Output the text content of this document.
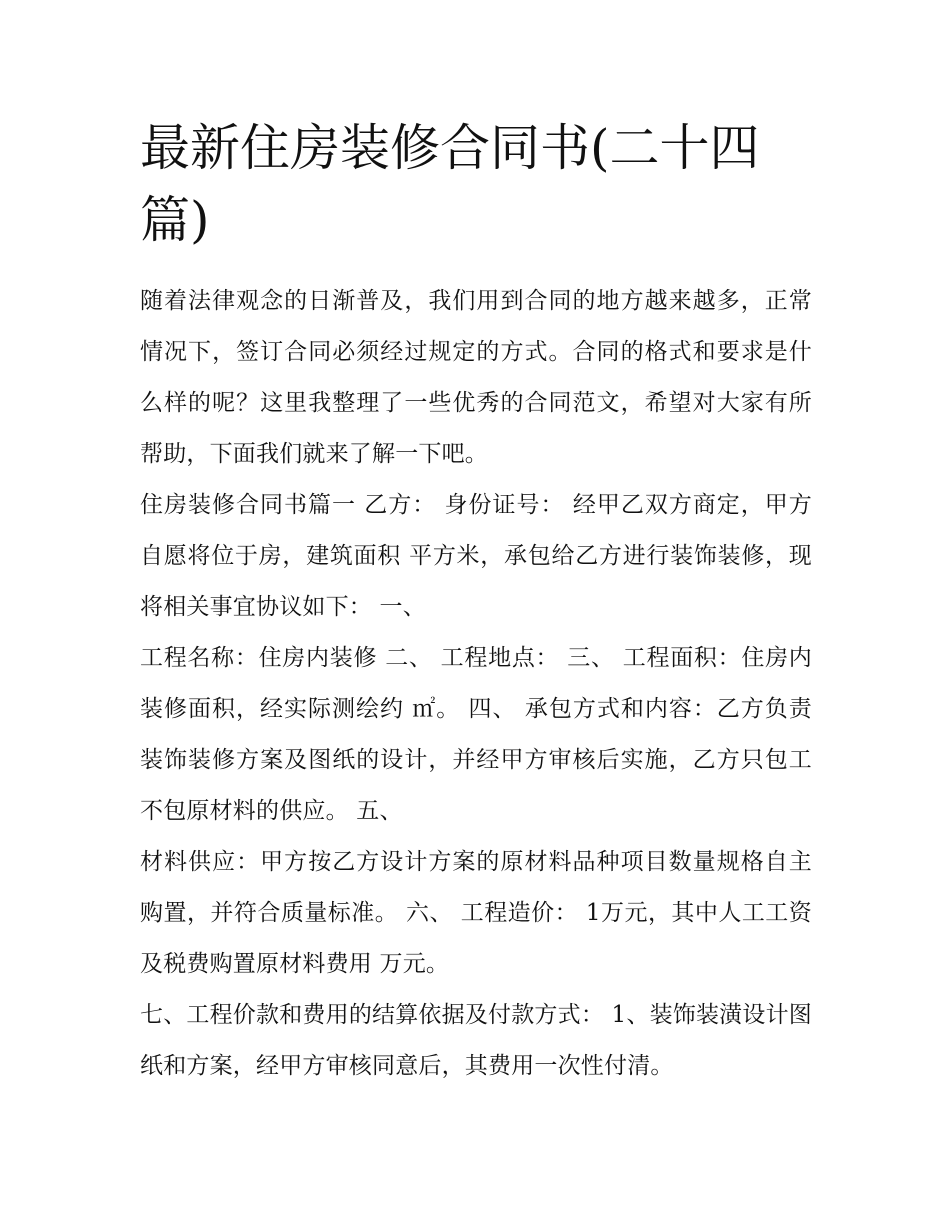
最新住房装修合同书(二十四篇)

随着法律观念的日渐普及，我们用到合同的地方越来越多，正常情况下，签订合同必须经过规定的方式。合同的格式和要求是什么样的呢？这里我整理了一些优秀的合同范文，希望对大家有所帮助，下面我们就来了解一下吧。

住房装修合同书篇一 乙方： 身份证号： 经甲乙双方商定，甲方自愿将位于房，建筑面积 平方米，承包给乙方进行装饰装修，现将相关事宜协议如下： 一、

工程名称：住房内装修 二、 工程地点： 三、 工程面积：住房内装修面积，经实际测绘约 ㎡。 四、 承包方式和内容：乙方负责装饰装修方案及图纸的设计，并经甲方审核后实施，乙方只包工不包原材料的供应。 五、

材料供应：甲方按乙方设计方案的原材料品种项目数量规格自主购置，并符合质量标准。 六、 工程造价： 1万元，其中人工工资及税费购置原材料费用 万元。

七、工程价款和费用的结算依据及付款方式： 1、装饰装潢设计图纸和方案，经甲方审核同意后，其费用一次性付清。
